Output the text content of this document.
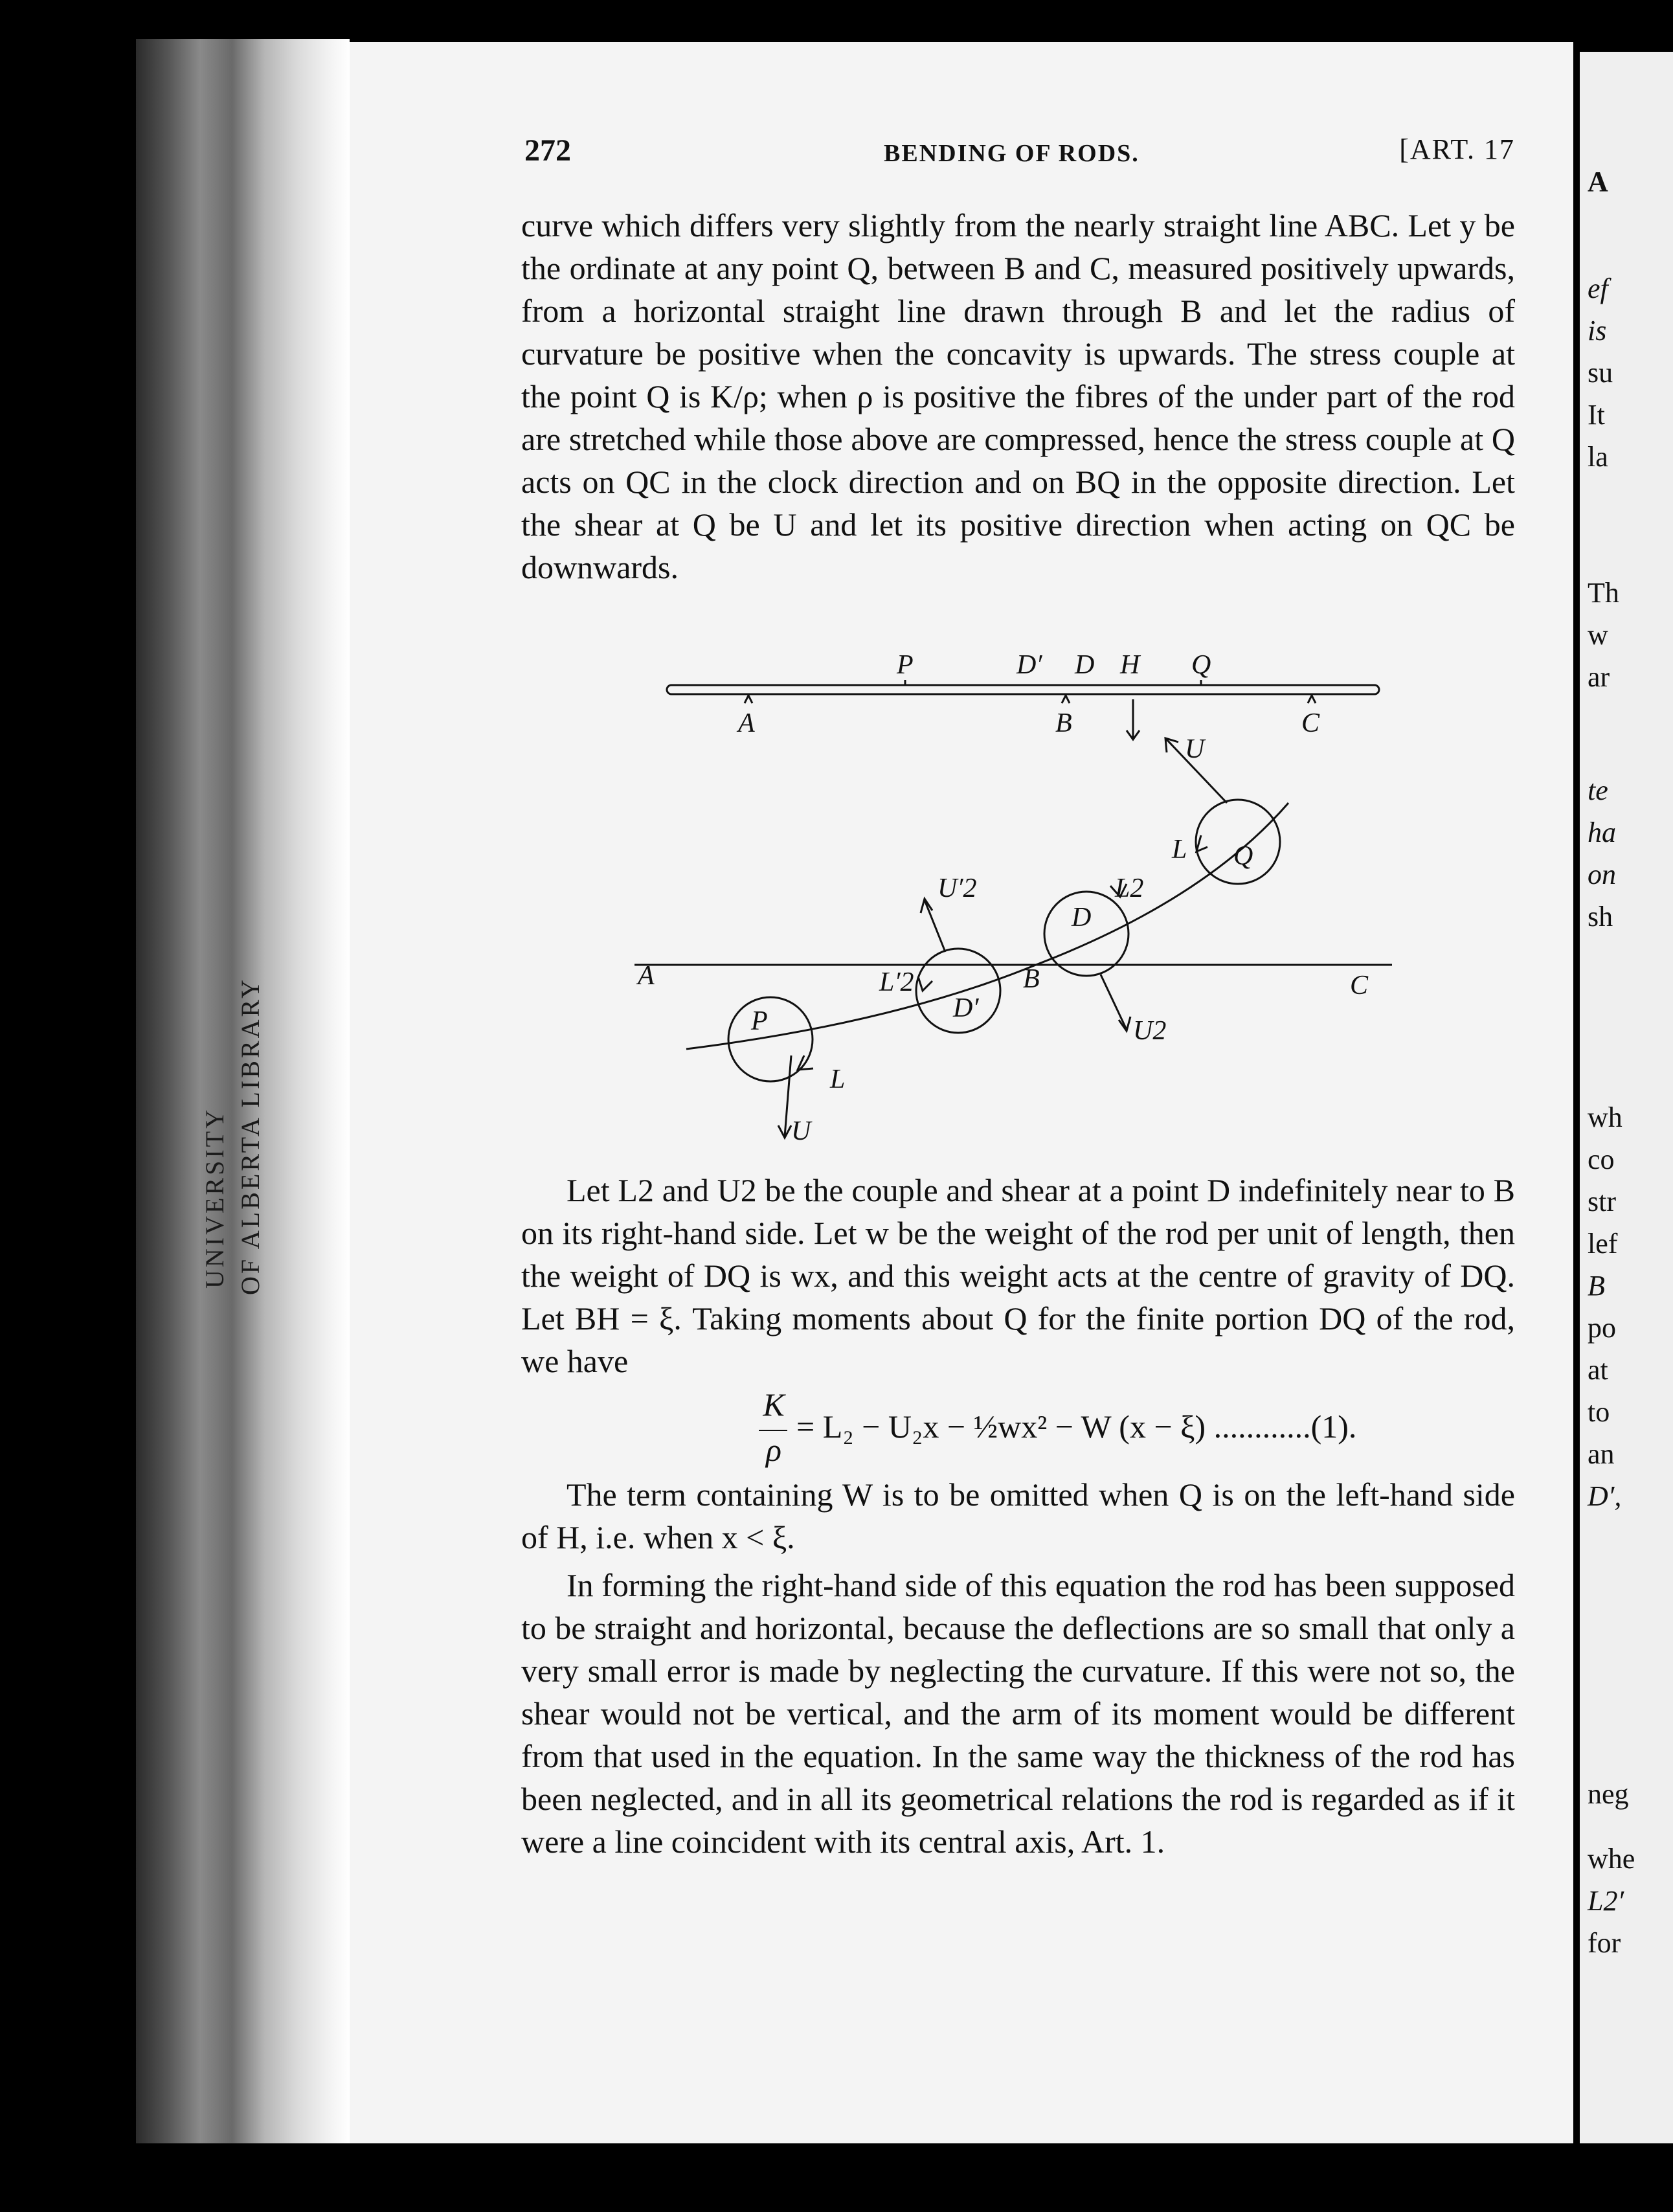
UNIVERSITY OF ALBERTA LIBRARY
A
ef
is
su
It
la
Th
w
ar
te
ha
on
sh
wh
co
str
lef
B
po
at
to
an
D′,
neg
whe
L2′
for
272	BENDING OF RODS.	[ART. 17

curve which differs very slightly from the nearly straight line ABC. Let y be the ordinate at any point Q, between B and C, measured positively upwards, from a horizontal straight line drawn through B and let the radius of curvature be positive when the concavity is upwards. The stress couple at the point Q is K/ρ; when ρ is positive the fibres of the under part of the rod are stretched while those above are compressed, hence the stress couple at Q acts on QC in the clock direction and on BQ in the opposite direction. Let the shear at Q be U and let its positive direction when acting on QC be downwards.

A
P
B
D′ D H Q
C
A	B	C
P	D′
D
Q
U
L
U′2
L′2
L2
U2
L
U

Let L2 and U2 be the couple and shear at a point D indefinitely near to B on its right-hand side. Let w be the weight of the rod per unit of length, then the weight of DQ is wx, and this weight acts at the centre of gravity of DQ. Let BH = ξ. Taking moments about Q for the finite portion DQ of the rod, we have

K
ρ
= L₂ − U₂x − ½wx² − W (x − ξ) ............(1).

The term containing W is to be omitted when Q is on the left-hand side of H, i.e. when x < ξ.

In forming the right-hand side of this equation the rod has been supposed to be straight and horizontal, because the deflections are so small that only a very small error is made by neglecting the curvature. If this were not so, the shear would not be vertical, and the arm of its moment would be different from that used in the equation. In the same way the thickness of the rod has been neglected, and in all its geometrical relations the rod is regarded as if it were a line coincident with its central axis, Art. 1.
